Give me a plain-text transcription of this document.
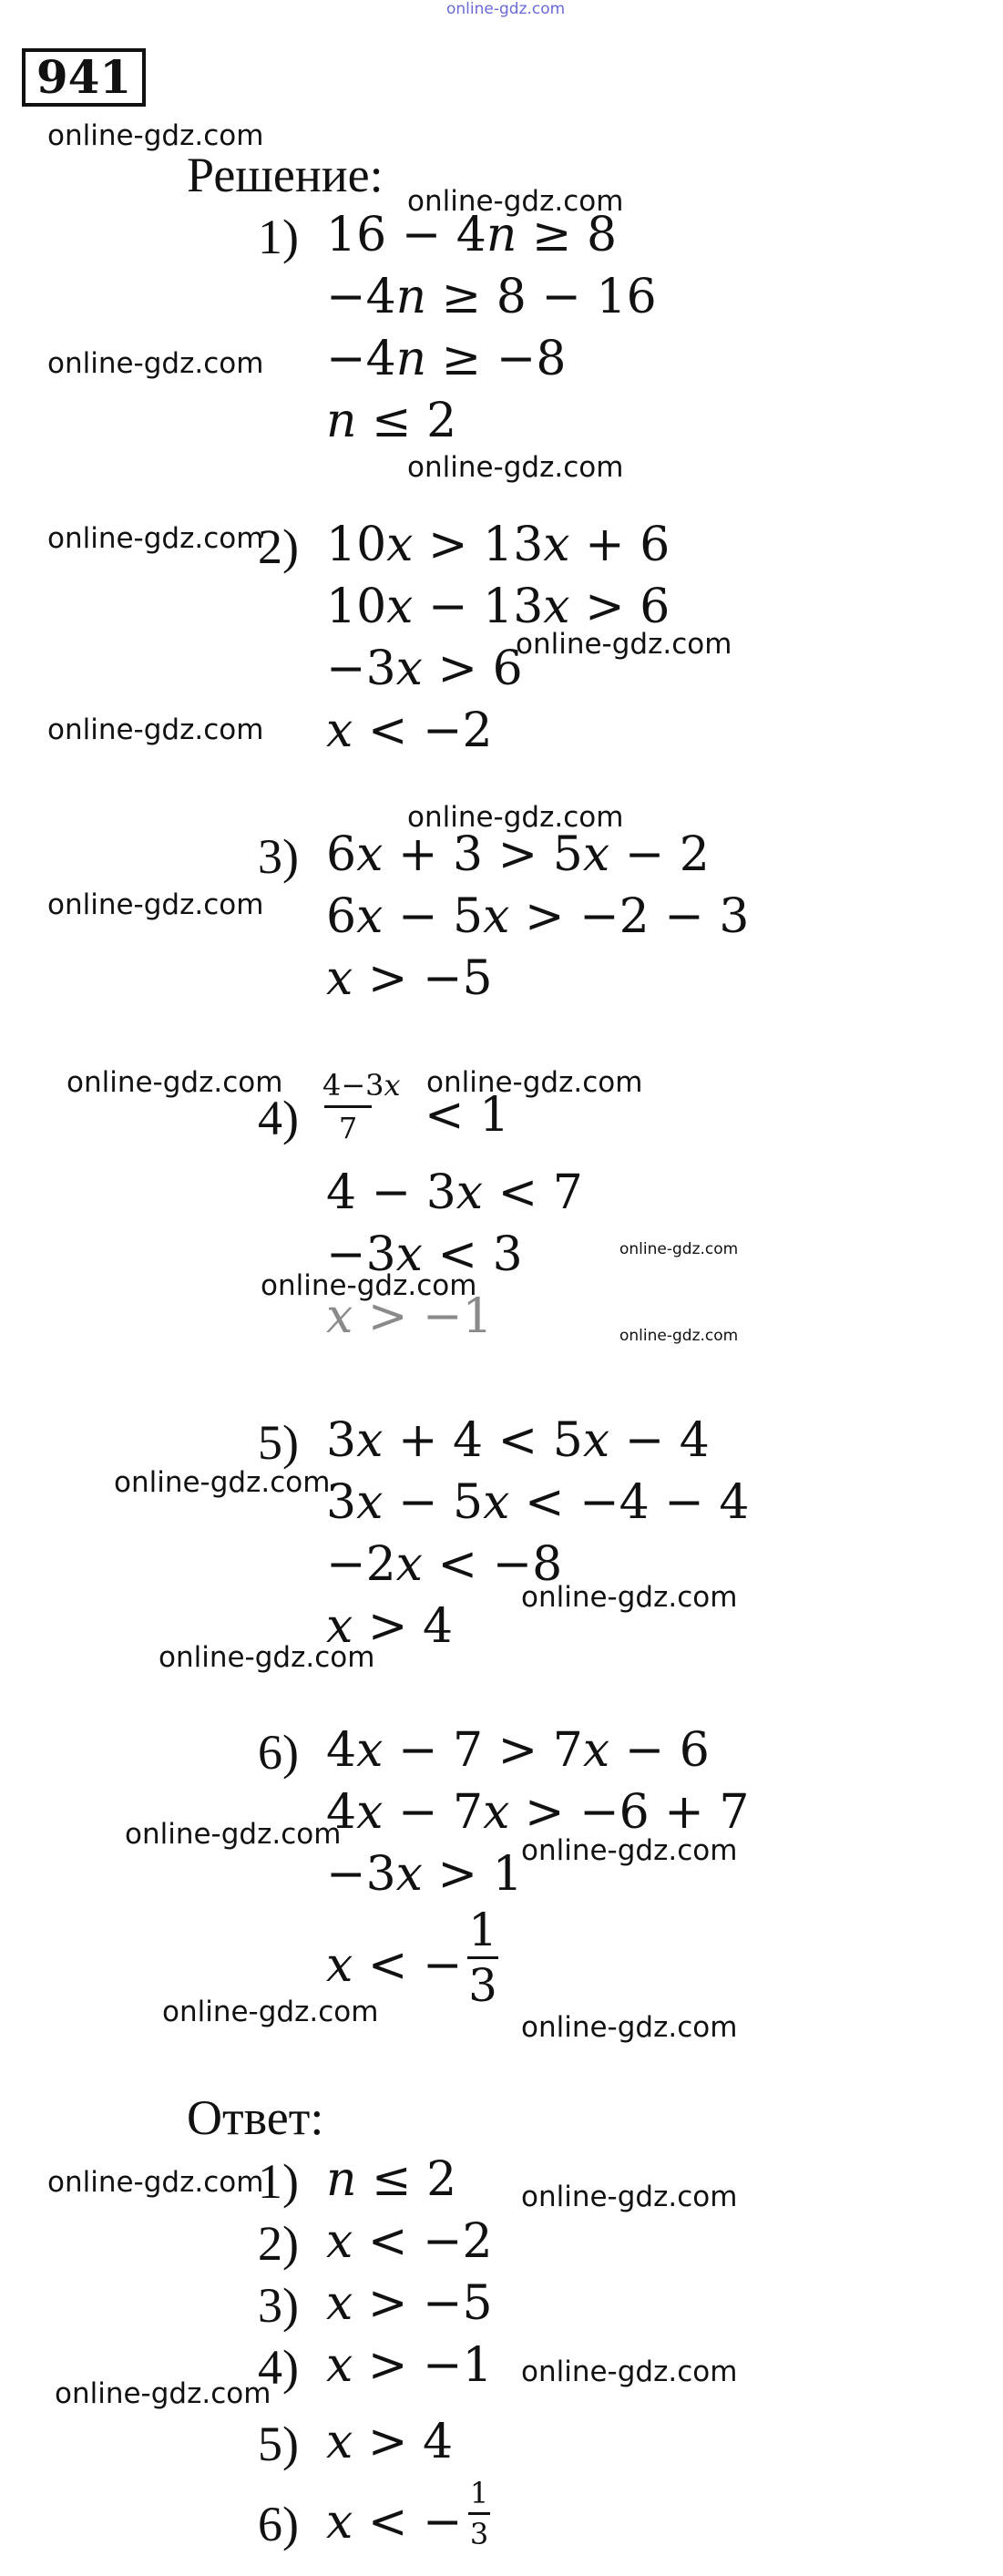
online-gdz.com
941
Решение:
1) 16 − 4𝑛 ≥ 8
−4𝑛 ≥ 8 − 16
−4𝑛 ≥ −8
𝑛 ≤ 2
2) 10𝑥 > 13𝑥 + 6
10𝑥 − 13𝑥 > 6
−3𝑥 > 6
𝑥 < −2
3) 6𝑥 + 3 > 5𝑥 − 2
6𝑥 − 5𝑥 > −2 − 3
𝑥 > −5
4)
4−3𝑥
7	< 1
4 − 3𝑥 < 7
−3𝑥 < 3
𝑥 > −1
5) 3𝑥 + 4 < 5𝑥 − 4
3𝑥 − 5𝑥 < −4 − 4
−2𝑥 < −8
𝑥 > 4
6) 4𝑥 − 7 > 7𝑥 − 6
4𝑥 − 7𝑥 > −6 + 7
−3𝑥 > 1
𝑥 < −
1
3
Ответ:
1) 𝑛 ≤ 2
2) 𝑥 < −2
3) 𝑥 > −5
4) 𝑥 > −1
5) 𝑥 > 4
6) 𝑥 < −
1
3
online-gdz.com
online-gdz.com
online-gdz.com
online-gdz.com
online-gdz.com
online-gdz.com
online-gdz.com
online-gdz.com
online-gdz.com
online-gdz.com	online-gdz.com
online-gdz.com
online-gdz.com
online-gdz.com
online-gdz.com
online-gdz.com
online-gdz.com
online-gdz.com	online-gdz.com
online-gdz.com	online-gdz.com
online-gdz.com	online-gdz.com
online-gdz.com
online-gdz.com
